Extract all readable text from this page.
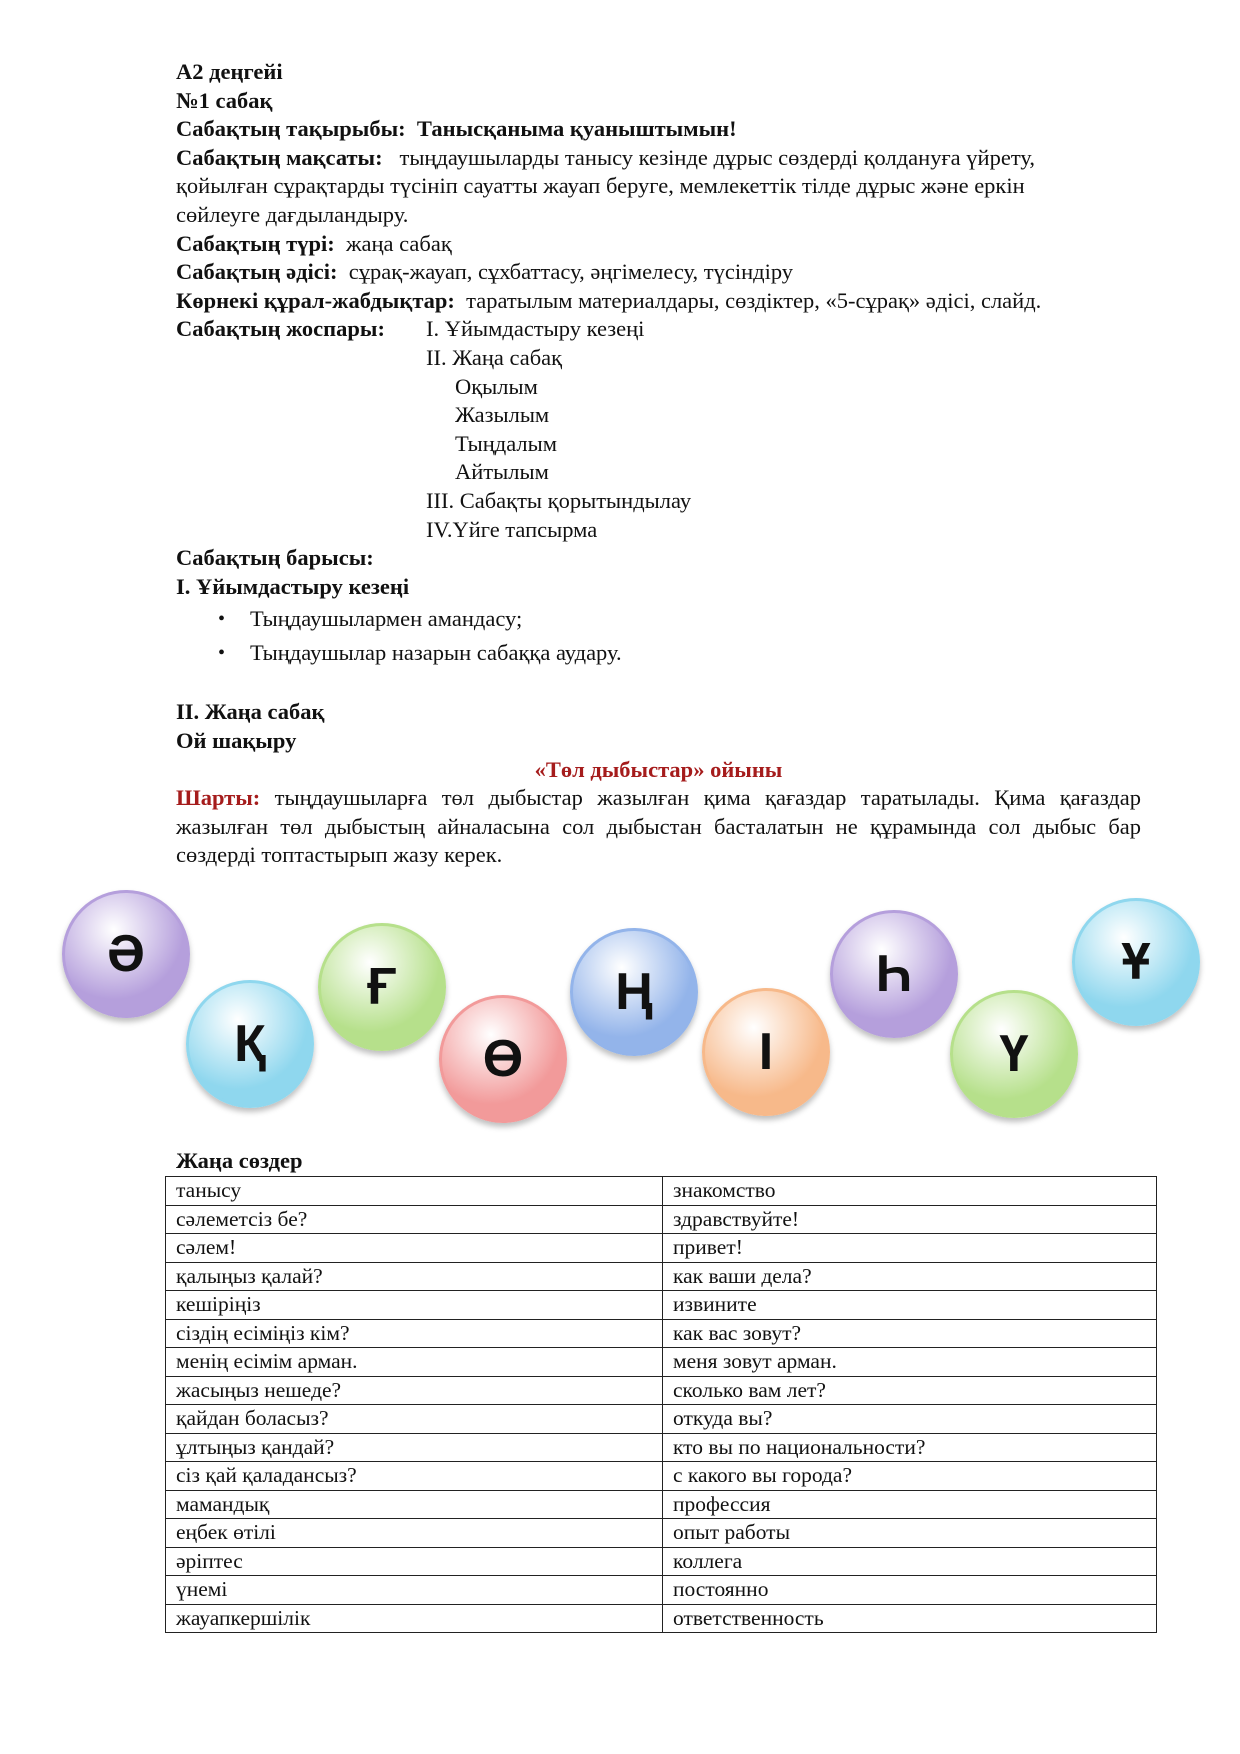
А2 деңгейі
№1 сабақ
Сабақтың тақырыбы: Танысқаныма қуаныштымын!
Сабақтың мақсаты: тыңдаушыларды танысу кезінде дұрыс сөздерді қолдануға үйрету,
қойылған сұрақтарды түсініп сауатты жауап беруге, мемлекеттік тілде дұрыс және еркін
сөйлеуге дағдыландыру.
Сабақтың түрі: жаңа сабақ
Сабақтың әдісі: сұрақ-жауап, сұхбаттасу, әңгімелесу, түсіндіру
Көрнекі құрал-жабдықтар: таратылым материалдары, сөздіктер, «5-сұрақ» әдісі, слайд.
Сабақтың жоспары:	I. Ұйымдастыру кезеңі
II. Жаңа сабақ
Оқылым
Жазылым
Тыңдалым
Айтылым
III. Сабақты қорытындылау
IV.Үйге тапсырма
Сабақтың барысы:
I. Ұйымдастыру кезеңі
• Тыңдаушылармен амандасу;
• Тыңдаушылар назарын сабаққа аудару.
II. Жаңа сабақ
Ой шақыру
«Төл дыбыстар» ойыны
Шарты: тыңдаушыларға төл дыбыстар жазылған қима қағаздар таратылады. Қима қағаздар жазылған төл дыбыстың айналасына сол дыбыстан басталатын не құрамында сол дыбыс бар сөздерді топтастырып жазу керек.
Ә
Қ
Ғ
Ө
Ң
І
Һ
Ү
Ұ
Жаңа сөздер
танысу	знакомство
сәлеметсіз бе?	здравствуйте!
сәлем!	привет!
қалыңыз қалай?	как ваши дела?
кешіріңіз	извините
сіздің есіміңіз кім?	как вас зовут?
менің есімім арман.	меня зовут арман.
жасыңыз нешеде?	сколько вам лет?
қайдан боласыз?	откуда вы?
ұлтыңыз қандай?	кто вы по национальности?
сіз қай қаладансыз?	с какого вы города?
мамандық	профессия
еңбек өтілі	опыт работы
әріптес	коллега
үнемі	постоянно
жауапкершілік	ответственность
